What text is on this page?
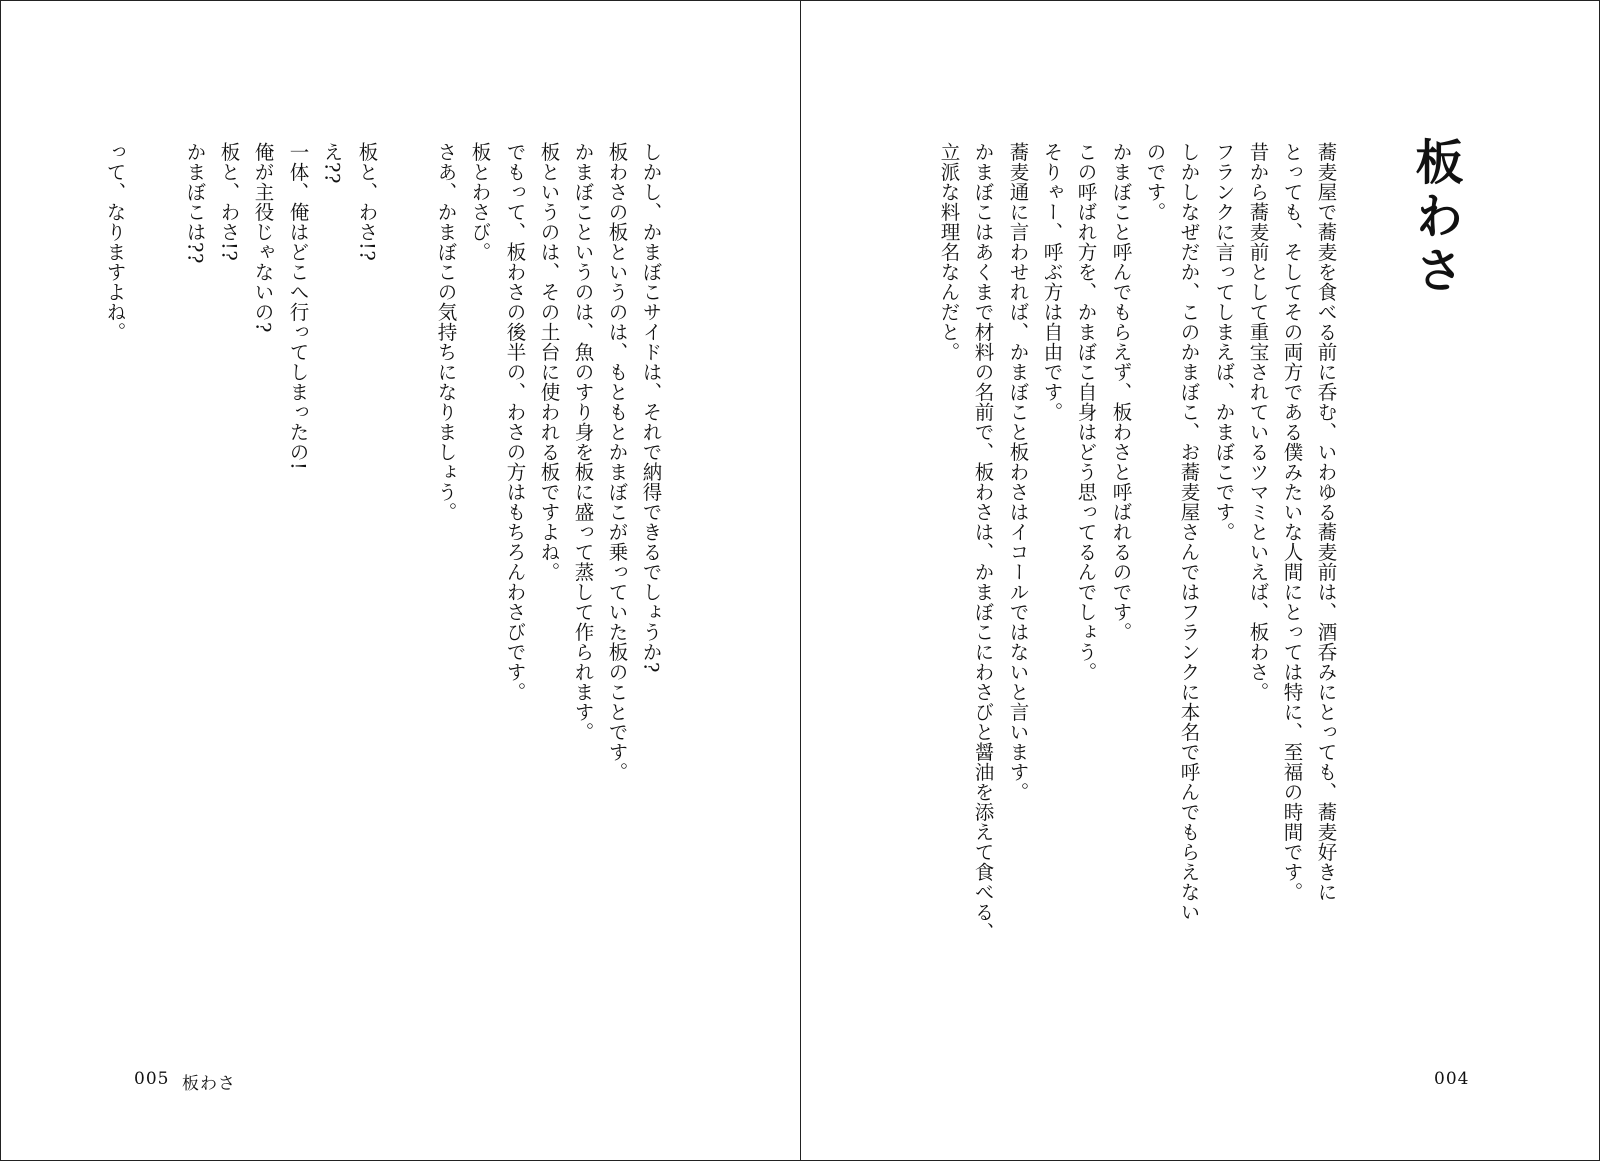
しかし、かまぼこサイドは、それで納得できるでしょうか?
板わさの板というのは、もともとかまぼこが乗っていた板のことです。
かまぼこというのは、魚のすり身を板に盛って蒸して作られます。
板というのは、その土台に使われる板ですよね。
でもって、板わさの後半の、わさの方はもちろんわさびです。
板とわさび。
さあ、かまぼこの気持ちになりましょう。
板と、わさ!?
え??
一体、俺はどこへ行ってしまったの!
俺が主役じゃないの?
板と、わさ!?
かまぼこは??
って、なりますよね。
005 板わさ
板わさ
蕎麦屋で蕎麦を食べる前に呑む、いわゆる蕎麦前は、酒呑みにとっても、蕎麦好きに
とっても、そしてその両方である僕みたいな人間にとっては特に、至福の時間です。
昔から蕎麦前として重宝されているツマミといえば、板わさ。
フランクに言ってしまえば、かまぼこです。
しかしなぜだか、このかまぼこ、お蕎麦屋さんではフランクに本名で呼んでもらえない
のです。
かまぼこと呼んでもらえず、板わさと呼ばれるのです。
この呼ばれ方を、かまぼこ自身はどう思ってるんでしょう。
そりゃー、呼ぶ方は自由です。
蕎麦通に言わせれば、かまぼこと板わさはイコールではないと言います。
かまぼこはあくまで材料の名前で、板わさは、かまぼこにわさびと醤油を添えて食べる、
立派な料理名なんだと。
004
